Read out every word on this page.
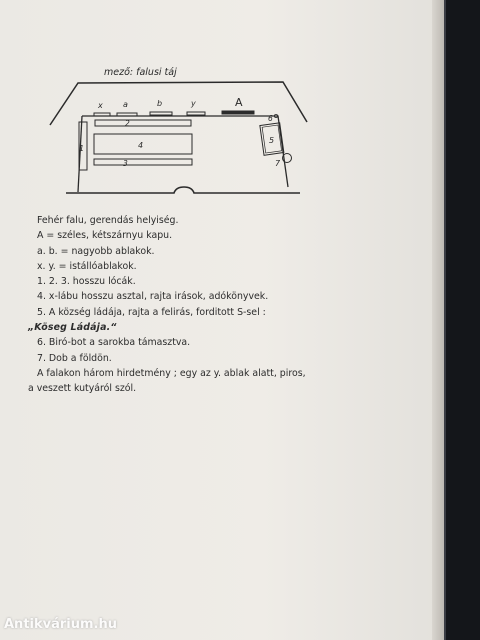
mező: falusi táj
x	a	b	y	A
1
2
4
3
5
6
7

Fehér falu, gerendás helyiség.

A = széles, kétszárnyu kapu.

a. b. = nagyobb ablakok.

x. y. = istállóablakok.

1. 2. 3. hosszu lócák.

4. x-lábu hosszu asztal, rajta irások, adókönyvek.

5. A község ládája, rajta a felirás, forditott S-sel :

„Köseg Ládája.“

6. Biró-bot a sarokba támasztva.

7. Dob a földön.

A falakon három hirdetmény ; egy az y. ablak alatt, piros,

a veszett kutyáról szól.

Antikvárium.hu
